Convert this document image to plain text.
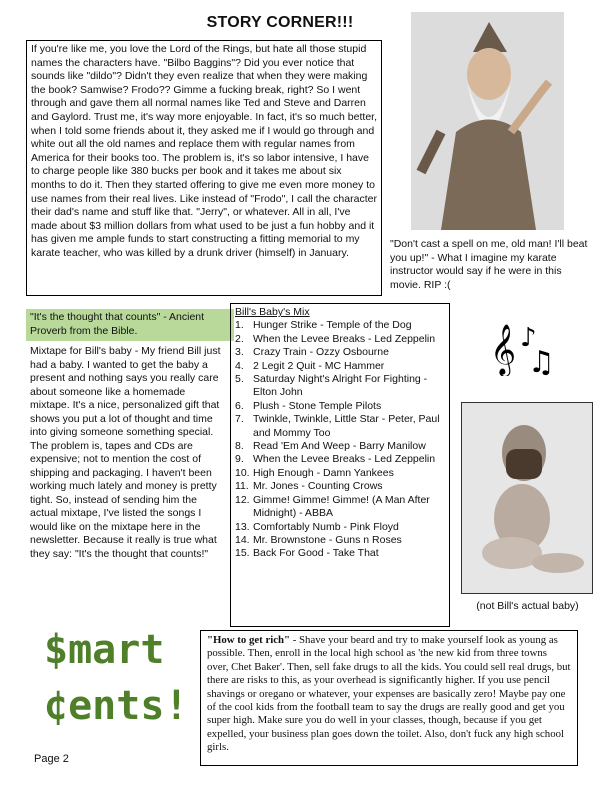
STORY CORNER!!!
If you're like me, you love the Lord of the Rings, but hate all those stupid names the characters have. "Bilbo Baggins"? Did you ever notice that sounds like "dildo"? Didn't they even realize that when they were making the book? Samwise? Frodo?? Gimme a fucking break, right? So I went through and gave them all normal names like Ted and Steve and Darren and Gaylord. Trust me, it's way more enjoyable. In fact, it's so much better, when I told some friends about it, they asked me if I would go through and white out all the old names and replace them with regular names from America for their books too. The problem is, it's so labor intensive, I have to charge people like 380 bucks per book and it takes me about six months to do it. Then they started offering to give me even more money to use names from their real lives. Like instead of "Frodo", I call the character their dad's name and stuff like that. "Jerry", or whatever. All in all, I've made about $3 million dollars from what used to be just a fun hobby and it has given me ample funds to start constructing a fitting memorial to my karate teacher, who was killed by a drunk driver (himself) in January.
"Don't cast a spell on me, old man! I'll beat you up!" - What I imagine my karate instructor would say if he were in this movie. RIP :(
"It's the thought that counts" - Ancient Proverb from the Bible.
Mixtape for Bill's baby - My friend Bill just had a baby. I wanted to get the baby a present and nothing says you really care about someone like a homemade mixtape. It's a nice, personalized gift that shows you put a lot of thought and time into giving someone something special. The problem is, tapes and CDs are expensive; not to mention the cost of shipping and packaging. I haven't been working much lately and money is pretty tight. So, instead of sending him the actual mixtape, I've listed the songs I would like on the mixtape here in the newsletter. Because it really is true what they say: "It's the thought that counts!"
Bill's Baby's Mix
1. Hunger Strike - Temple of the Dog
2. When the Levee Breaks - Led Zeppelin
3. Crazy Train - Ozzy Osbourne
4. 2 Legit 2 Quit - MC Hammer
5. Saturday Night's Alright For Fighting - Elton John
6. Plush - Stone Temple Pilots
7. Twinkle, Twinkle, Little Star - Peter, Paul and Mommy Too
8. Read 'Em And Weep - Barry Manilow
9. When the Levee Breaks - Led Zeppelin
10. High Enough - Damn Yankees
11. Mr. Jones - Counting Crows
12. Gimme! Gimme! Gimme! (A Man After Midnight) - ABBA
13. Comfortably Numb - Pink Floyd
14. Mr. Brownstone - Guns n Roses
15. Back For Good - Take That
𝄞 ♪
♫
(not Bill's actual baby)
$mart
¢ents!
"How to get rich" - Shave your beard and try to make yourself look as young as possible. Then, enroll in the local high school as 'the new kid from three towns over, Chet Baker'. Then, sell fake drugs to all the kids. You could sell real drugs, but there are risks to this, as your overhead is significantly higher. If you use pencil shavings or oregano or whatever, your expenses are basically zero! Maybe pay one of the cool kids from the football team to say the drugs are really good and get you super high. Make sure you do well in your classes, though, because if you get expelled, your business plan goes down the toilet. Also, don't fuck any high school girls.
Page 2
